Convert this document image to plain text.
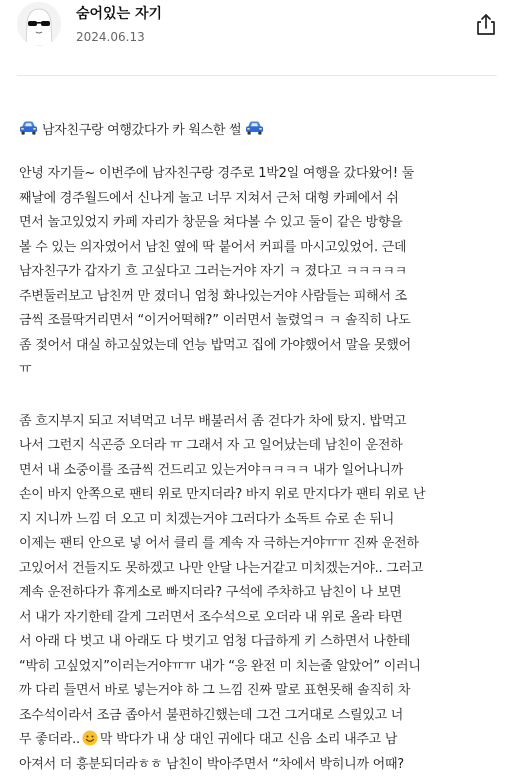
숨어있는 자기
2024.06.13
남자친구랑 여행갔다가 카 웍스한 썰
안녕 자기들~ 이번주에 남자친구랑 경주로 1박2일 여행을 갔다왔어! 둘
째날에 경주월드에서 신나게 놀고 너무 지쳐서 근처 대형 카페에서 쉬
면서 놀고있었지 카페 자리가 창문을 쳐다볼 수 있고 둘이 같은 방향을
볼 수 있는 의자였어서 남친 옆에 딱 붙어서 커피를 마시고있었어. 근데
남자친구가 갑자기 흐 고싶다고 그러는거야 자기 ㅋ 졌다고 ㅋㅋㅋㅋㅋ
주변둘러보고 남친꺼 만 졌더니 엄청 화나있는거야 사람들는 피해서 조
금씩 조믈딱거리면서 “이거어떡해?” 이러면서 놀렸엌ㅋ ㅋ 솔직히 나도
좀 젖어서 대실 하고싶었는데 언능 밥먹고 집에 가야했어서 말을 못했어
ㅠ
좀 흐지부지 되고 저녁먹고 너무 배불러서 좀 걷다가 차에 탔지. 밥먹고
나서 그런지 식곤증 오더라 ㅠ 그래서 자 고 일어났는데 남친이 운전하
면서 내 소중이를 조금씩 건드리고 있는거야ㅋㅋㅋㅋ 내가 일어나니까
손이 바지 안쪽으로 팬티 위로 만지더라? 바지 위로 만지다가 팬티 위로 난
지 지니까 느낌 더 오고 미 치겠는거야 그러다가 소독트 슈로 손 뒤니
이제는 팬티 안으로 넣 어서 클리 를 계속 자 극하는거야ㅠㅠ 진짜 운전하
고있어서 건들지도 못하겠고 나만 안달 나는거같고 미치겠는거야.. 그러고
계속 운전하다가 휴게소로 빠지더라? 구석에 주차하고 남친이 나 보면
서 내가 자기한테 갈게 그러면서 조수석으로 오더라 내 위로 올라 타면
서 아래 다 벗고 내 아래도 다 벗기고 엄청 다급하게 키 스하면서 나한테
“박히 고싶었지”이러는거야ㅠㅠ 내가 “응 완전 미 치는줄 알았어” 이러니
까 다리 들면서 바로 넣는거야 하 그 느낌 진짜 말로 표현못해 솔직히 차
조수석이라서 조금 좁아서 불편하긴했는데 그건 그거대로 스릴있고 너
무 좋더라.. 막 박다가 내 상 대인 귀에다 대고 신음 소리 내주고 남
아져서 더 흥분되더라ㅎㅎ 남친이 박아주면서 “차에서 박히니까 어때?
